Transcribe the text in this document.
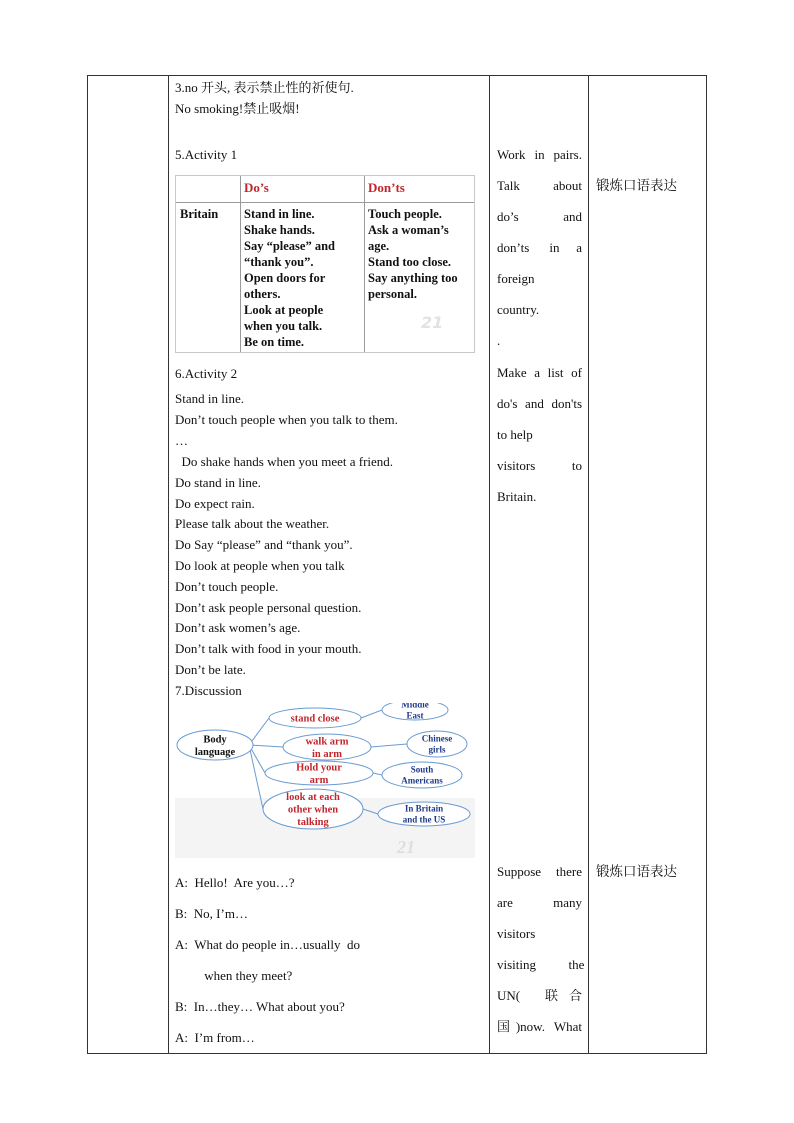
3.no 开头, 表示禁止性的祈使句.
No smoking!禁止吸烟!
5.Activity 1
Do’s	Don’ts
Britain Stand in line.
Shake hands.
Say “please” and
“thank you”.
Open doors for
others.
Look at people
when you talk.
Be on time.
Touch people.
Ask a woman’s
age.
Stand too close.
Say anything too
personal.
21
6.Activity 2
Stand in line.
Don’t touch people when you talk to them.
…
Do shake hands when you meet a friend.
Do stand in line.
Do expect rain.
Please talk about the weather.
Do Say “please” and “thank you”.
Do look at people when you talk
Don’t touch people.
Don’t ask people personal question.
Don’t ask women’s age.
Don’t talk with food in your mouth.
Don’t be late.
7.Discussion
Body
language
stand close
walk arm
in arm
Hold your
arm
look at each
other when
talking
Middle
East
Chinese
girls
South
Americans
In Britain
and the US
21
A:  Hello!  Are you…?
B:  No, I’m…
A:  What do people in…usually  do
when they meet?
B:  In…they… What about you?
A:  I’m from…
Work  in  pairs.
Talk       about
do’s          and
don’ts      in     a
foreign
country.
.
Make  a  list  of
do's and don'ts
to help
visitors          to
Britain.
Suppose  there
are          many
visitors
visiting          the
UN(       联   合
国)now. What
锻炼口语表达
锻炼口语表达
